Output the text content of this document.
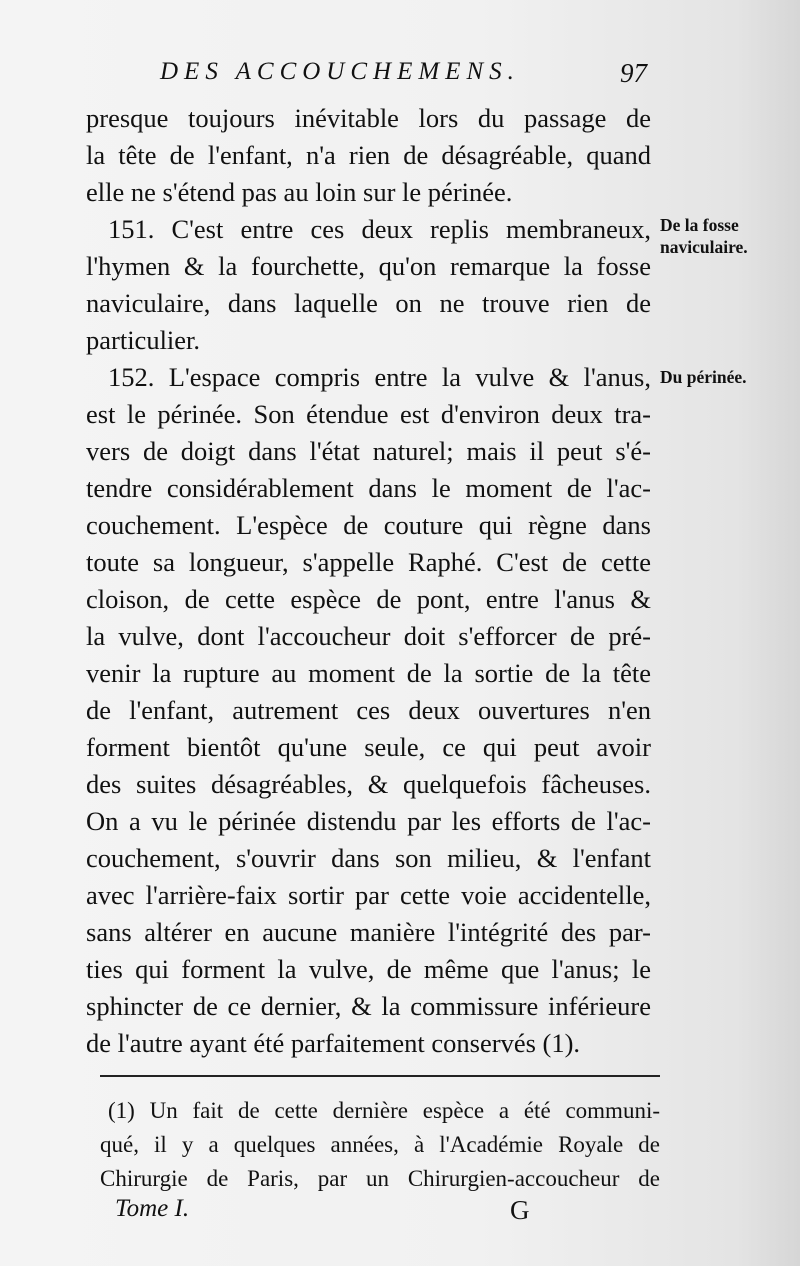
DES ACCOUCHEMENS.	97
presque toujours inévitable lors du passage de
la tête de l'enfant, n'a rien de désagréable, quand
elle ne s'étend pas au loin sur le périnée.
151. C'est entre ces deux replis membraneux,
l'hymen & la fourchette, qu'on remarque la fosse
naviculaire, dans laquelle on ne trouve rien de
particulier.
152. L'espace compris entre la vulve & l'anus,
est le périnée. Son étendue est d'environ deux tra-
vers de doigt dans l'état naturel; mais il peut s'é-
tendre considérablement dans le moment de l'ac-
couchement. L'espèce de couture qui règne dans
toute sa longueur, s'appelle Raphé. C'est de cette
cloison, de cette espèce de pont, entre l'anus &
la vulve, dont l'accoucheur doit s'efforcer de pré-
venir la rupture au moment de la sortie de la tête
de l'enfant, autrement ces deux ouvertures n'en
forment bientôt qu'une seule, ce qui peut avoir
des suites désagréables, & quelquefois fâcheuses.
On a vu le périnée distendu par les efforts de l'ac-
couchement, s'ouvrir dans son milieu, & l'enfant
avec l'arrière-faix sortir par cette voie accidentelle,
sans altérer en aucune manière l'intégrité des par-
ties qui forment la vulve, de même que l'anus; le
sphincter de ce dernier, & la commissure inférieure
de l'autre ayant été parfaitement conservés (1).
De la fosse
naviculaire.
Du périnée.
(1) Un fait de cette dernière espèce a été communi-
qué, il y a quelques années, à l'Académie Royale de
Chirurgie de Paris, par un Chirurgien-accoucheur de
Tome I.	G
